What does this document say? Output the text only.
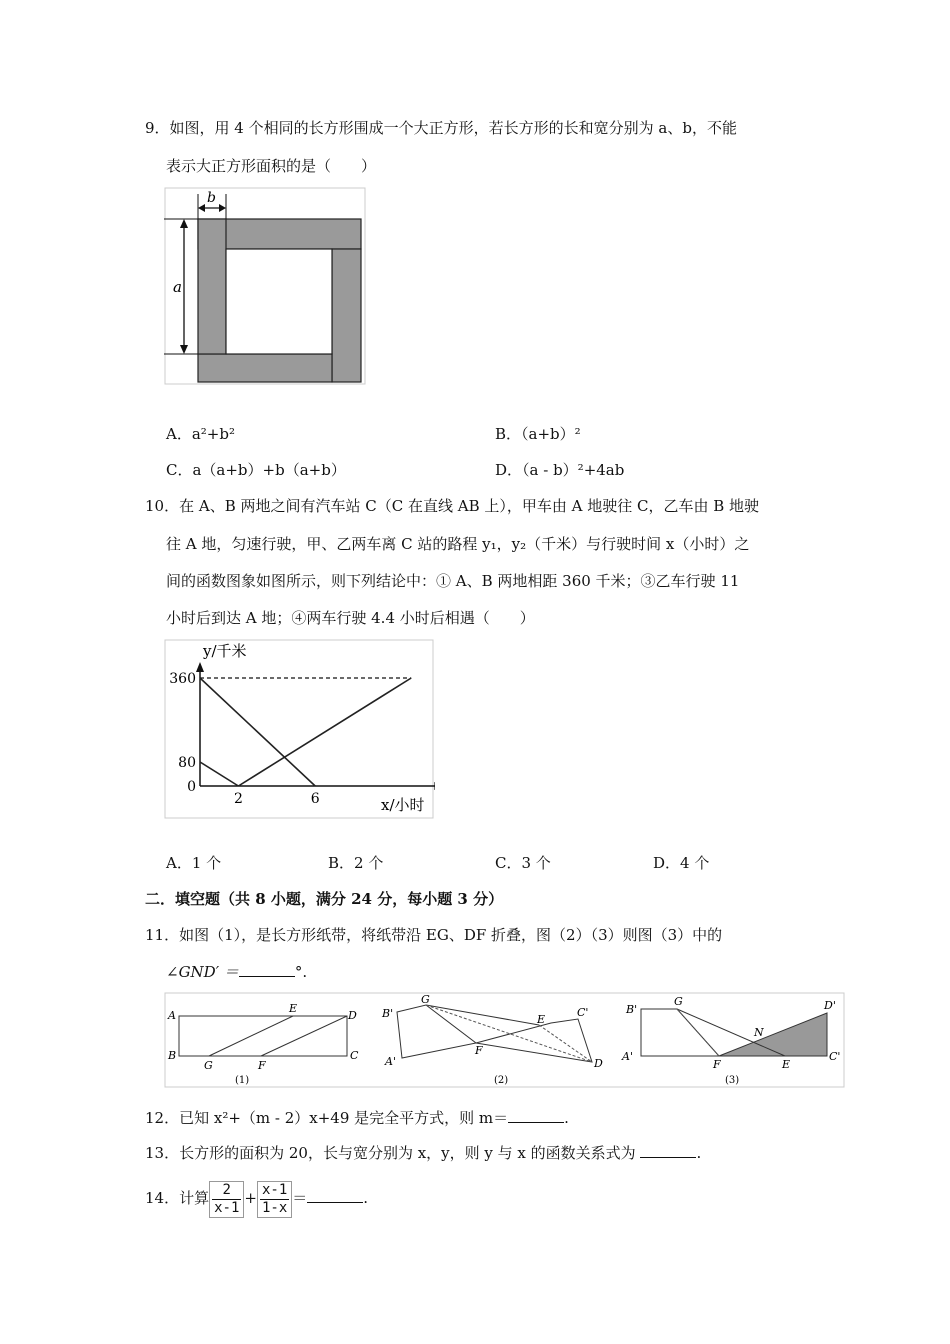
9．如图，用 4 个相同的长方形围成一个大正方形，若长方形的长和宽分别为 a、b，不能
表示大正方形面积的是（　　）
a
b
A．a²+b²	B．（a+b）²
C．a（a+b）+b（a+b）	D．（a - b）²+4ab
10．在 A、B 两地之间有汽车站 C（C 在直线 AB 上），甲车由 A 地驶往 C，乙车由 B 地驶
往 A 地，匀速行驶，甲、乙两车离 C 站的路程 y₁，y₂（千米）与行驶时间 x（小时）之
间的函数图象如图所示，则下列结论中：① A、B 两地相距 360 千米；③乙车行驶 11
小时后到达 A 地；④两车行驶 4.4 小时后相遇（　　）
360
80
0
2	6
y/千米
x/小时
A．1 个	B．2 个	C．3 个	D．4 个
二．填空题（共 8 小题，满分 24 分，每小题 3 分）
11．如图（1），是长方形纸带，将纸带沿 EG、DF 折叠，图（2）（3）则图（3）中的
∠GND′ ＝	°.
A
B	C
D
E
F
G
(1)
B'
G
E
C'
A'
F
D
(2)
B'
G	D'
N
A'
F	E
C'
(3)
12．已知 x²+（m - 2）x+49 是完全平方式，则 m＝	.
13．长方形的面积为 20，长与宽分别为 x，y，则 y 与 x 的函数关系式为	.
14．计算 $\frac{2}{x-1} + \frac{x-1}{1-x}$ ＝	.
